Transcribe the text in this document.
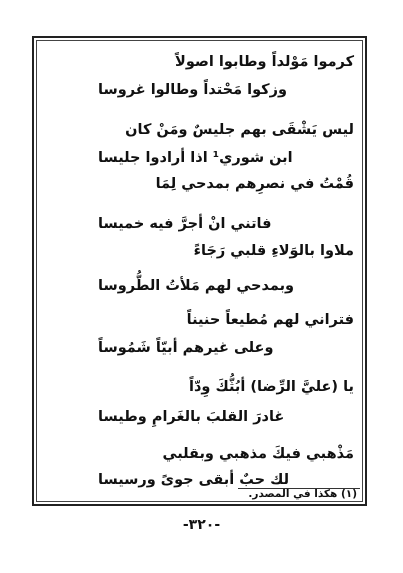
كرموا مَوْلداً وطابوا اصولاً
وزكوا مَحْتداً وطالوا غروسا
ليس يَشْقَى بهم جليسٌ ومَنْ كان
ابن شوري¹ اذا أرادوا جليسا
قُمْتُ في نصرِهم بمدحي لِمَا
فاتني انْ أجرَّ فيه خميسا
ملاوا بالوَلاءِ قلبي رَجَاءً
وبمدحي لهم مَلأتُ الطُّروسا
فتراني لهم مُطيعاً حنيناً
وعلى غيرهم أبيّاً شَمُوساً
يا (عليَّ الرِّضا) أبُثُّكَ وِدّاً
غادرَ القلبَ بالغَرامِ وطيسا
مَذْهبي فيكَ مذهبي وبقلبي
لك حبٌ أبقى جوىً ورسيسا
(١) هكذا في المصدر.
-٣٢٠-
